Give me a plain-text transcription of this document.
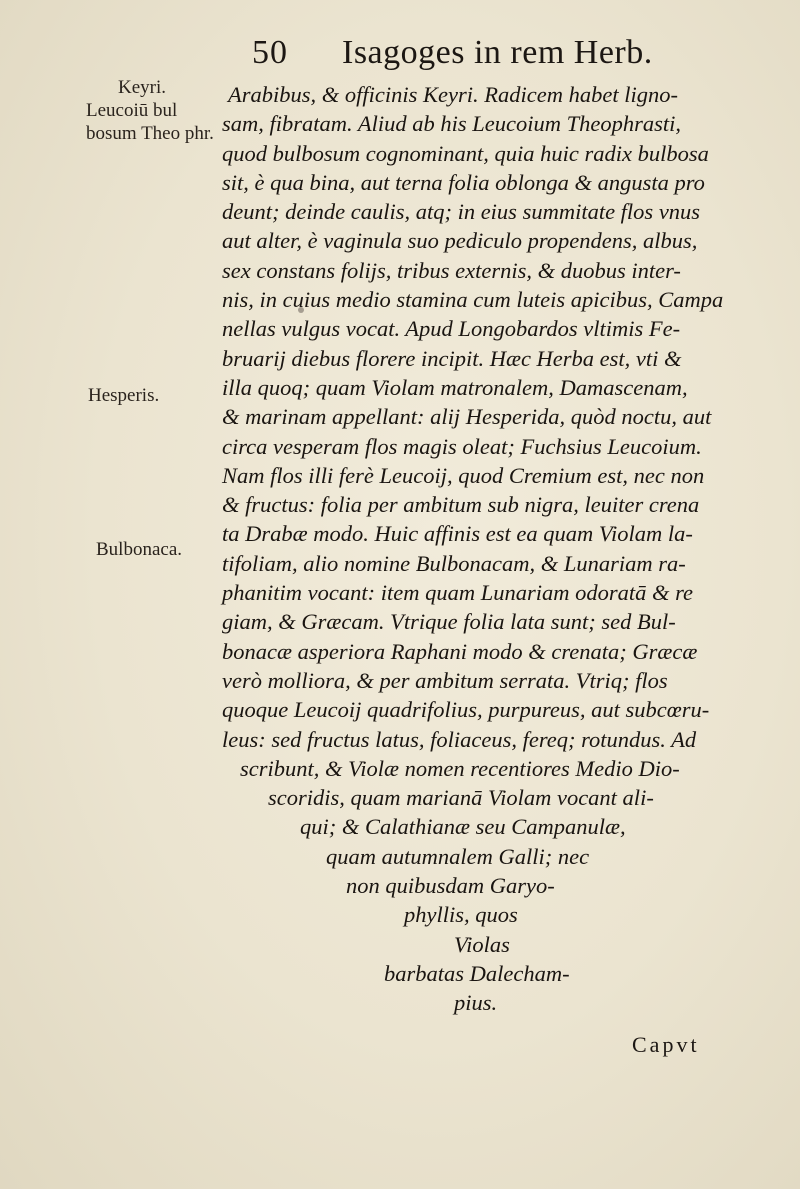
50 Isagoges in rem Herb.
Keyri.
Leucoiū bul bosum Theo phr.
Hesperis.
Bulbonaca.
Arabibus, & officinis Keyri. Radicem habet ligno-
sam, fibratam. Aliud ab his Leucoium Theophrasti,
quod bulbosum cognominant, quia huic radix bulbosa
sit, è qua bina, aut terna folia oblonga & angusta pro
deunt; deinde caulis, atq; in eius summitate flos vnus
aut alter, è vaginula suo pediculo propendens, albus,
sex constans folijs, tribus externis, & duobus inter-
nis, in cuius medio stamina cum luteis apicibus, Campa
nellas vulgus vocat. Apud Longobardos vltimis Fe-
bruarij diebus florere incipit. Hæc Herba est, vti &
illa quoq; quam Violam matronalem, Damascenam,
& marinam appellant: alij Hesperida, quòd noctu, aut
circa vesperam flos magis oleat; Fuchsius Leucoium.
Nam flos illi ferè Leucoij, quod Cremium est, nec non
& fructus: folia per ambitum sub nigra, leuiter crena
ta Drabæ modo. Huic affinis est ea quam Violam la-
tifoliam, alio nomine Bulbonacam, & Lunariam ra-
phanitim vocant: item quam Lunariam odoratā & re
giam, & Græcam. Vtrique folia lata sunt; sed Bul-
bonacæ asperiora Raphani modo & crenata; Græcæ
verò molliora, & per ambitum serrata. Vtriq; flos
quoque Leucoij quadrifolius, purpureus, aut subcœru-
leus: sed fructus latus, foliaceus, fereq; rotundus. Ad
scribunt, & Violæ nomen recentiores Medio Dio-
scoridis, quam marianā Violam vocant ali-
qui; & Calathianæ seu Campanulæ,
quam autumnalem Galli; nec
non quibusdam Garyo-
phyllis, quos
Violas
barbatas Dalecham-
pius.
Capvt
